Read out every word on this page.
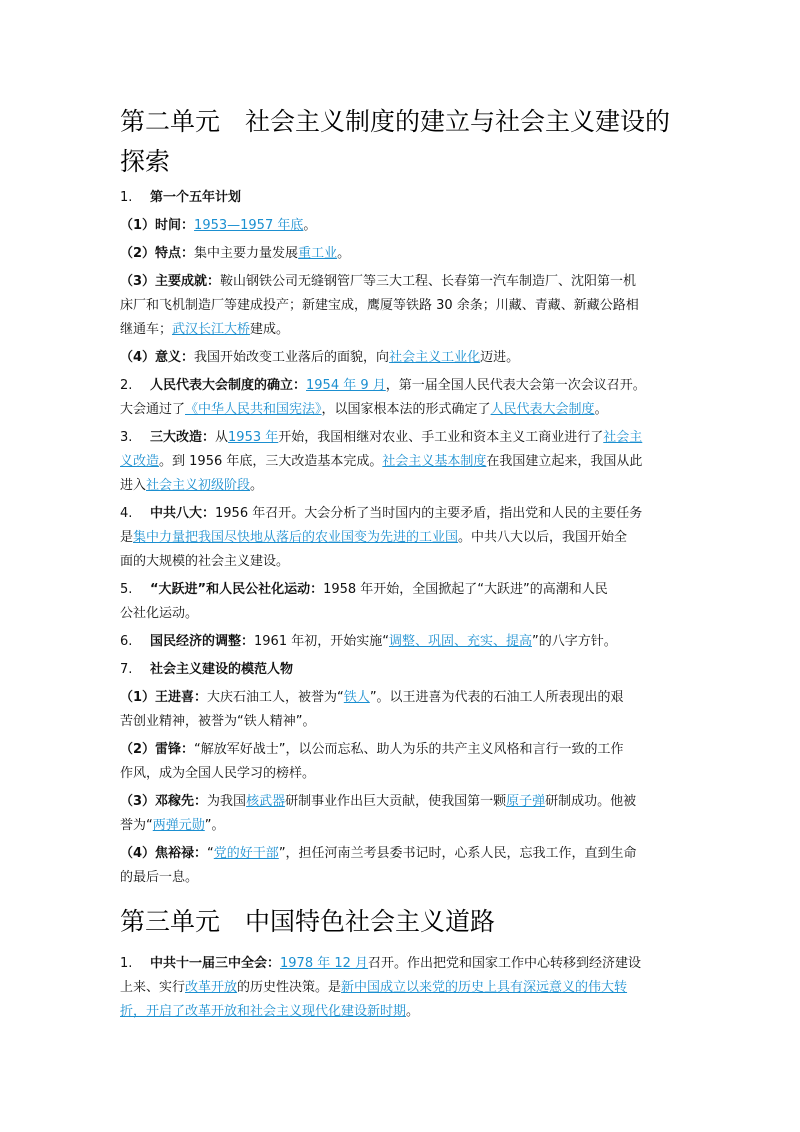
第二单元　社会主义制度的建立与社会主义建设的
探索
1. 第一个五年计划
（1）时间：1953—1957 年底。
（2）特点：集中主要力量发展重工业。
（3）主要成就：鞍山钢铁公司无缝钢管厂等三大工程、长春第一汽车制造厂、沈阳第一机
床厂和飞机制造厂等建成投产；新建宝成，鹰厦等铁路 30 余条；川藏、青藏、新藏公路相
继通车；武汉长江大桥建成。
（4）意义：我国开始改变工业落后的面貌，向社会主义工业化迈进。
2. 人民代表大会制度的确立：1954 年 9 月，第一届全国人民代表大会第一次会议召开。
大会通过了《中华人民共和国宪法》，以国家根本法的形式确定了人民代表大会制度。
3. 三大改造：从1953 年开始，我国相继对农业、手工业和资本主义工商业进行了社会主
义改造。到 1956 年底，三大改造基本完成。社会主义基本制度在我国建立起来，我国从此
进入社会主义初级阶段。
4. 中共八大：1956 年召开。大会分析了当时国内的主要矛盾，指出党和人民的主要任务
是集中力量把我国尽快地从落后的农业国变为先进的工业国。中共八大以后，我国开始全
面的大规模的社会主义建设。
5. “大跃进”和人民公社化运动：1958 年开始，全国掀起了“大跃进”的高潮和人民
公社化运动。
6. 国民经济的调整：1961 年初，开始实施“调整、巩固、充实、提高”的八字方针。
7. 社会主义建设的模范人物
（1）王进喜：大庆石油工人，被誉为“铁人”。以王进喜为代表的石油工人所表现出的艰
苦创业精神，被誉为“铁人精神”。
（2）雷锋：“解放军好战士”，以公而忘私、助人为乐的共产主义风格和言行一致的工作
作风，成为全国人民学习的榜样。
（3）邓稼先：为我国核武器研制事业作出巨大贡献，使我国第一颗原子弹研制成功。他被
誉为“两弹元勋”。
（4）焦裕禄：“党的好干部”，担任河南兰考县委书记时，心系人民，忘我工作，直到生命
的最后一息。
第三单元　中国特色社会主义道路
1. 中共十一届三中全会：1978 年 12 月召开。作出把党和国家工作中心转移到经济建设
上来、实行改革开放的历史性决策。是新中国成立以来党的历史上具有深远意义的伟大转
折，开启了改革开放和社会主义现代化建设新时期。
